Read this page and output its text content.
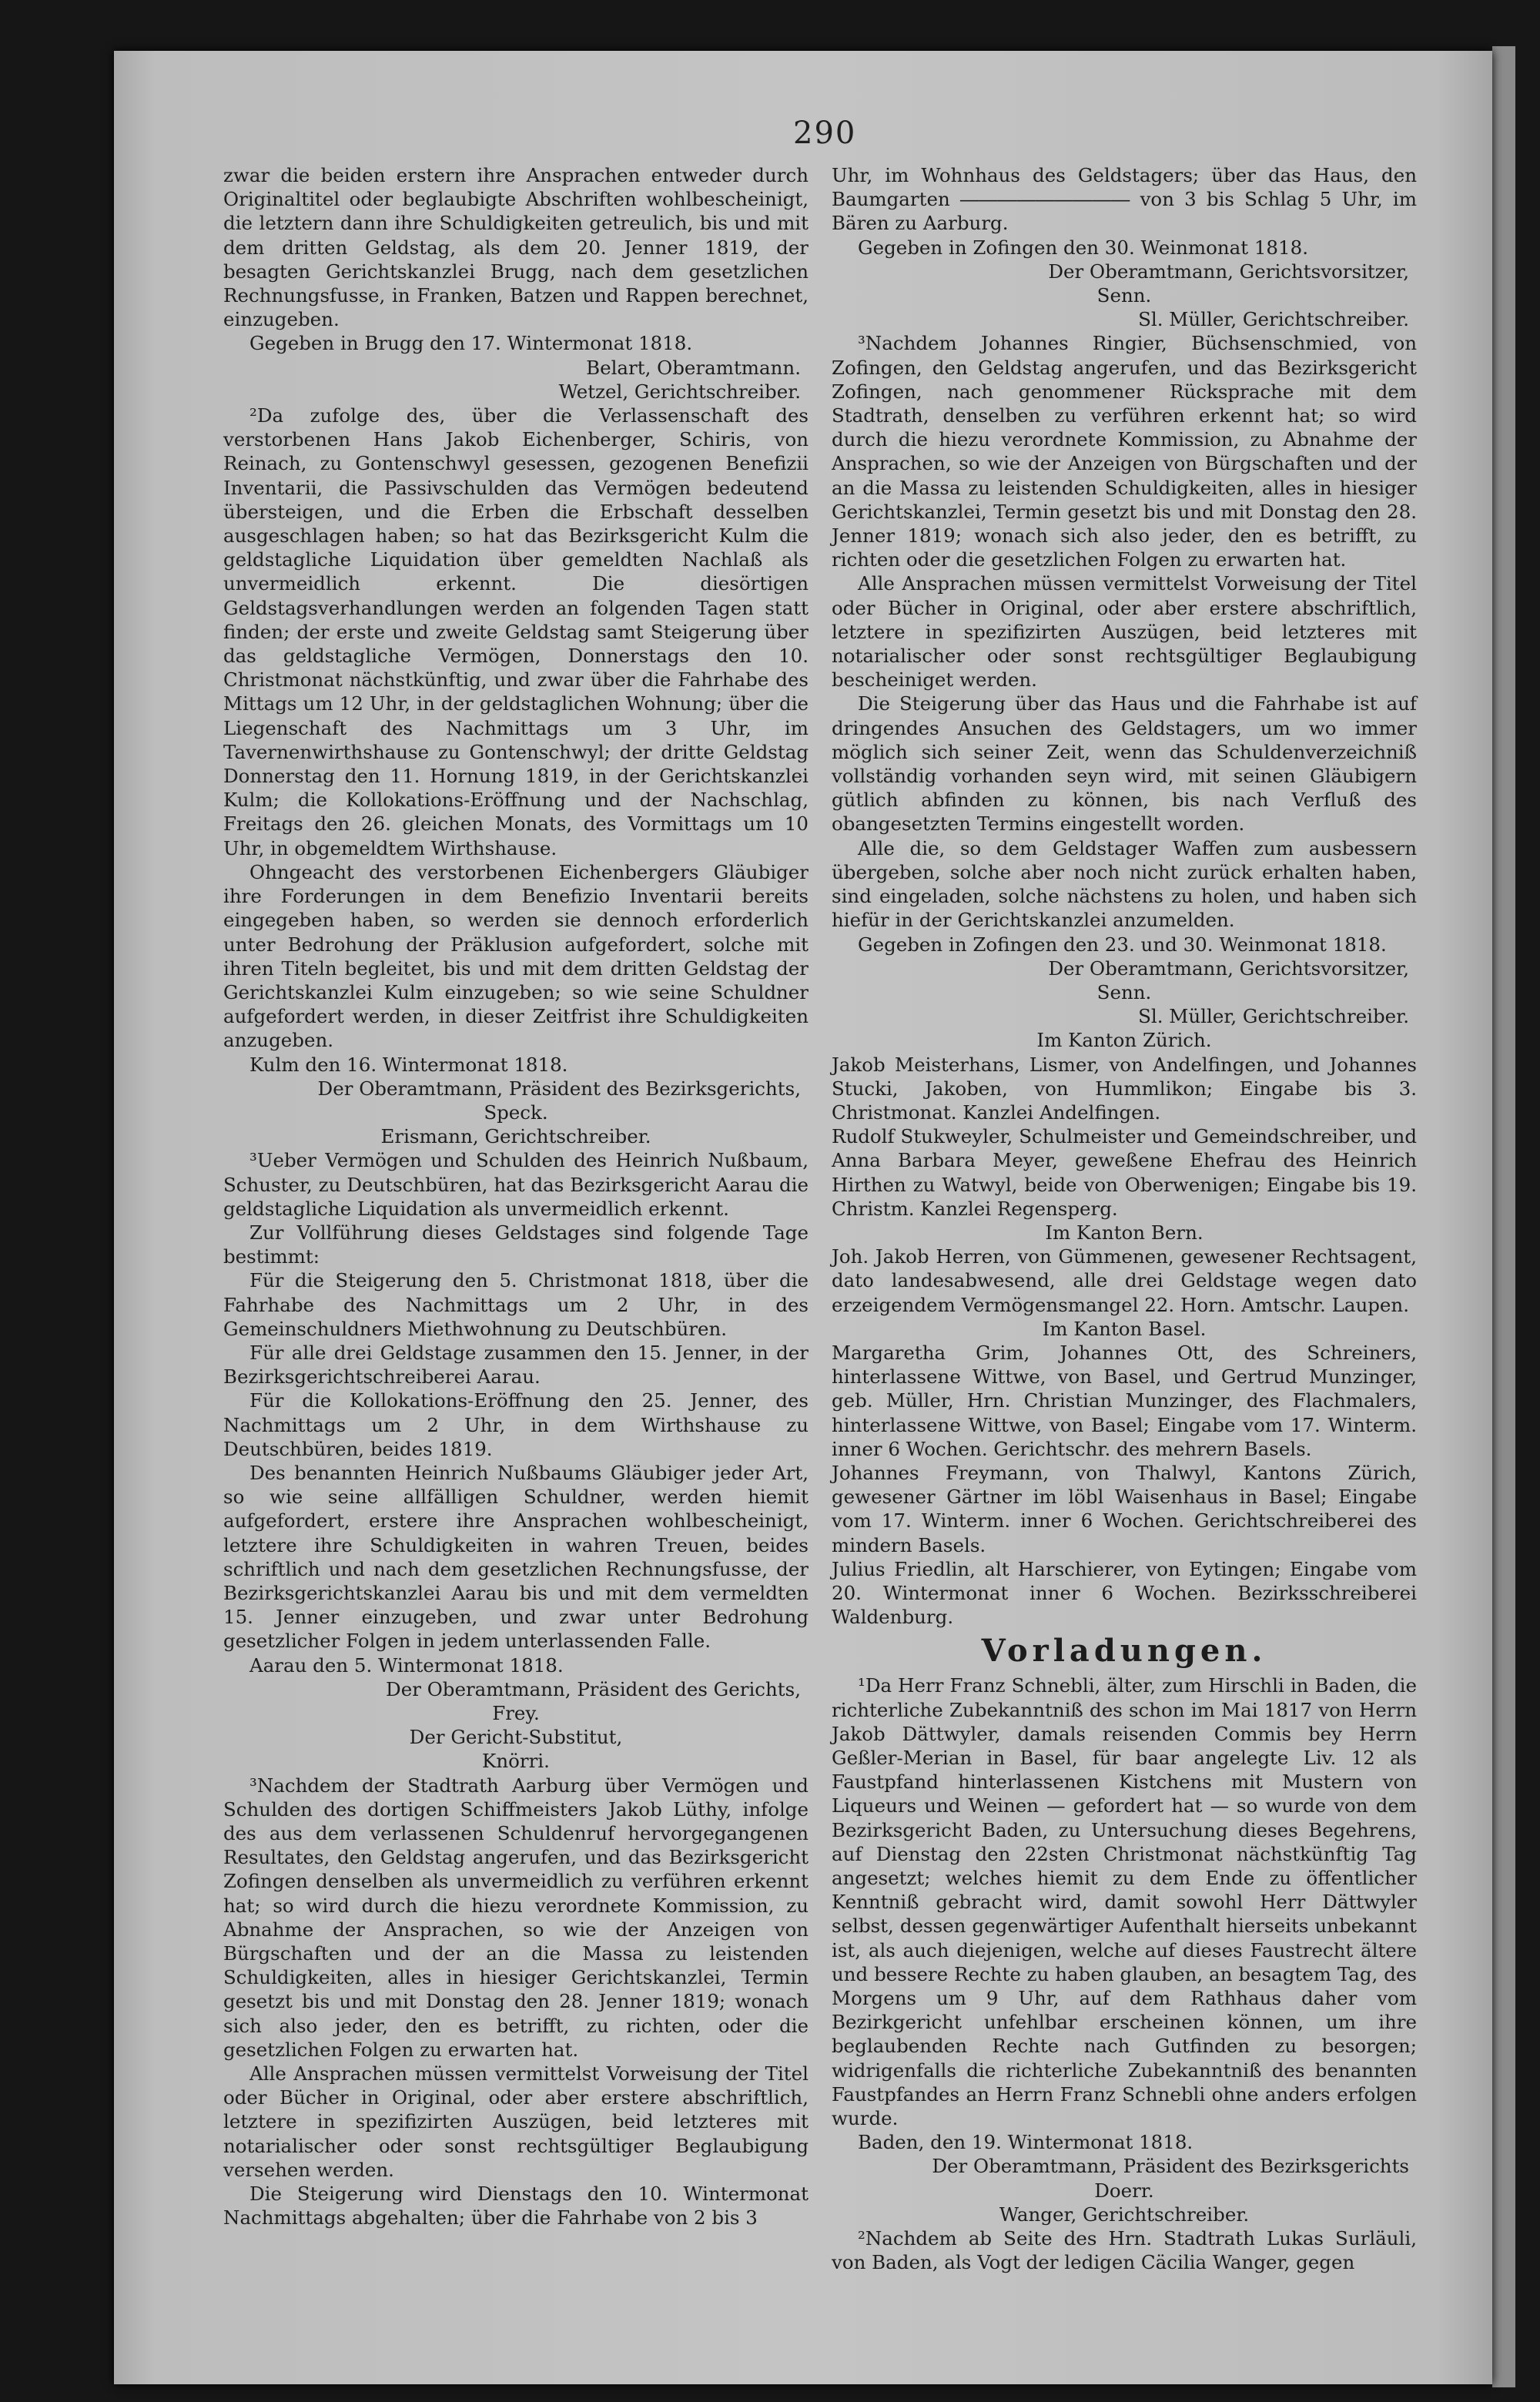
290

zwar die beiden erstern ihre Ansprachen entweder durch Originaltitel oder beglaubigte Abschriften wohlbescheinigt, die letztern dann ihre Schuldigkeiten getreulich, bis und mit dem dritten Geldstag, als dem 20. Jenner 1819, der besagten Gerichtskanzlei Brugg, nach dem gesetzlichen Rechnungsfusse, in Franken, Batzen und Rappen berechnet, einzugeben.

Gegeben in Brugg den 17. Wintermonat 1818.

Belart, Oberamtmann.

Wetzel, Gerichtschreiber.

²Da zufolge des, über die Verlassenschaft des verstorbenen Hans Jakob Eichenberger, Schiris, von Reinach, zu Gontenschwyl gesessen, gezogenen Benefizii Inventarii, die Passivschulden das Vermögen bedeutend übersteigen, und die Erben die Erbschaft desselben ausgeschlagen haben; so hat das Bezirksgericht Kulm die geldstagliche Liquidation über gemeldten Nachlaß als unvermeidlich erkennt. Die diesörtigen Geldstagsverhandlungen werden an folgenden Tagen statt finden; der erste und zweite Geldstag samt Steigerung über das geldstagliche Vermögen, Donnerstags den 10. Christmonat nächstkünftig, und zwar über die Fahrhabe des Mittags um 12 Uhr, in der geldstaglichen Wohnung; über die Liegenschaft des Nachmittags um 3 Uhr, im Tavernenwirthshause zu Gontenschwyl; der dritte Geldstag Donnerstag den 11. Hornung 1819, in der Gerichtskanzlei Kulm; die Kollokations-Eröffnung und der Nachschlag, Freitags den 26. gleichen Monats, des Vormittags um 10 Uhr, in obgemeldtem Wirthshause.

Ohngeacht des verstorbenen Eichenbergers Gläubiger ihre Forderungen in dem Benefizio Inventarii bereits eingegeben haben, so werden sie dennoch erforderlich unter Bedrohung der Präklusion aufgefordert, solche mit ihren Titeln begleitet, bis und mit dem dritten Geldstag der Gerichtskanzlei Kulm einzugeben; so wie seine Schuldner aufgefordert werden, in dieser Zeitfrist ihre Schuldigkeiten anzugeben.

Kulm den 16. Wintermonat 1818.

Der Oberamtmann, Präsident des Bezirksgerichts,

Speck.

Erismann, Gerichtschreiber.

³Ueber Vermögen und Schulden des Heinrich Nußbaum, Schuster, zu Deutschbüren, hat das Bezirksgericht Aarau die geldstagliche Liquidation als unvermeidlich erkennt.

Zur Vollführung dieses Geldstages sind folgende Tage bestimmt:

Für die Steigerung den 5. Christmonat 1818, über die Fahrhabe des Nachmittags um 2 Uhr, in des Gemeinschuldners Miethwohnung zu Deutschbüren.

Für alle drei Geldstage zusammen den 15. Jenner, in der Bezirksgerichtschreiberei Aarau.

Für die Kollokations-Eröffnung den 25. Jenner, des Nachmittags um 2 Uhr, in dem Wirthshause zu Deutschbüren, beides 1819.

Des benannten Heinrich Nußbaums Gläubiger jeder Art, so wie seine allfälligen Schuldner, werden hiemit aufgefordert, erstere ihre Ansprachen wohlbescheinigt, letztere ihre Schuldigkeiten in wahren Treuen, beides schriftlich und nach dem gesetzlichen Rechnungsfusse, der Bezirksgerichtskanzlei Aarau bis und mit dem vermeldten 15. Jenner einzugeben, und zwar unter Bedrohung gesetzlicher Folgen in jedem unterlassenden Falle.

Aarau den 5. Wintermonat 1818.

Der Oberamtmann, Präsident des Gerichts,

Frey.

Der Gericht-Substitut,

Knörri.

³Nachdem der Stadtrath Aarburg über Vermögen und Schulden des dortigen Schiffmeisters Jakob Lüthy, infolge des aus dem verlassenen Schuldenruf hervorgegangenen Resultates, den Geldstag angerufen, und das Bezirksgericht Zofingen denselben als unvermeidlich zu verführen erkennt hat; so wird durch die hiezu verordnete Kommission, zu Abnahme der Ansprachen, so wie der Anzeigen von Bürgschaften und der an die Massa zu leistenden Schuldigkeiten, alles in hiesiger Gerichtskanzlei, Termin gesetzt bis und mit Donstag den 28. Jenner 1819; wonach sich also jeder, den es betrifft, zu richten, oder die gesetzlichen Folgen zu erwarten hat.

Alle Ansprachen müssen vermittelst Vorweisung der Titel oder Bücher in Original, oder aber erstere abschriftlich, letztere in spezifizirten Auszügen, beid letzteres mit notarialischer oder sonst rechtsgültiger Beglaubigung versehen werden.

Die Steigerung wird Dienstags den 10. Wintermonat Nachmittags abgehalten; über die Fahrhabe von 2 bis 3

Uhr, im Wohnhaus des Geldstagers; über das Haus, den Baumgarten ――――――――― von 3 bis Schlag 5 Uhr, im Bären zu Aarburg.

Gegeben in Zofingen den 30. Weinmonat 1818.

Der Oberamtmann, Gerichtsvorsitzer,

Senn.

Sl. Müller, Gerichtschreiber.

³Nachdem Johannes Ringier, Büchsenschmied, von Zofingen, den Geldstag angerufen, und das Bezirksgericht Zofingen, nach genommener Rücksprache mit dem Stadtrath, denselben zu verführen erkennt hat; so wird durch die hiezu verordnete Kommission, zu Abnahme der Ansprachen, so wie der Anzeigen von Bürgschaften und der an die Massa zu leistenden Schuldigkeiten, alles in hiesiger Gerichtskanzlei, Termin gesetzt bis und mit Donstag den 28. Jenner 1819; wonach sich also jeder, den es betrifft, zu richten oder die gesetzlichen Folgen zu erwarten hat.

Alle Ansprachen müssen vermittelst Vorweisung der Titel oder Bücher in Original, oder aber erstere abschriftlich, letztere in spezifizirten Auszügen, beid letzteres mit notarialischer oder sonst rechtsgültiger Beglaubigung bescheiniget werden.

Die Steigerung über das Haus und die Fahrhabe ist auf dringendes Ansuchen des Geldstagers, um wo immer möglich sich seiner Zeit, wenn das Schuldenverzeichniß vollständig vorhanden seyn wird, mit seinen Gläubigern gütlich abfinden zu können, bis nach Verfluß des obangesetzten Termins eingestellt worden.

Alle die, so dem Geldstager Waffen zum ausbessern übergeben, solche aber noch nicht zurück erhalten haben, sind eingeladen, solche nächstens zu holen, und haben sich hiefür in der Gerichtskanzlei anzumelden.

Gegeben in Zofingen den 23. und 30. Weinmonat 1818.

Der Oberamtmann, Gerichtsvorsitzer,

Senn.

Sl. Müller, Gerichtschreiber.

Im Kanton Zürich.

Jakob Meisterhans, Lismer, von Andelfingen, und Johannes Stucki, Jakoben, von Hummlikon; Eingabe bis 3. Christmonat. Kanzlei Andelfingen.

Rudolf Stukweyler, Schulmeister und Gemeindschreiber, und Anna Barbara Meyer, geweßene Ehefrau des Heinrich Hirthen zu Watwyl, beide von Oberwenigen; Eingabe bis 19. Christm. Kanzlei Regensperg.

Im Kanton Bern.

Joh. Jakob Herren, von Gümmenen, gewesener Rechtsagent, dato landesabwesend, alle drei Geldstage wegen dato erzeigendem Vermögensmangel 22. Horn. Amtschr. Laupen.

Im Kanton Basel.

Margaretha Grim, Johannes Ott, des Schreiners, hinterlassene Wittwe, von Basel, und Gertrud Munzinger, geb. Müller, Hrn. Christian Munzinger, des Flachmalers, hinterlassene Wittwe, von Basel; Eingabe vom 17. Winterm. inner 6 Wochen. Gerichtschr. des mehrern Basels.

Johannes Freymann, von Thalwyl, Kantons Zürich, gewesener Gärtner im löbl Waisenhaus in Basel; Eingabe vom 17. Winterm. inner 6 Wochen. Gerichtschreiberei des mindern Basels.

Julius Friedlin, alt Harschierer, von Eytingen; Eingabe vom 20. Wintermonat inner 6 Wochen. Bezirksschreiberei Waldenburg.

Vorladungen.

¹Da Herr Franz Schnebli, älter, zum Hirschli in Baden, die richterliche Zubekanntniß des schon im Mai 1817 von Herrn Jakob Dättwyler, damals reisenden Commis bey Herrn Geßler-Merian in Basel, für baar angelegte Liv. 12 als Faustpfand hinterlassenen Kistchens mit Mustern von Liqueurs und Weinen — gefordert hat — so wurde von dem Bezirksgericht Baden, zu Untersuchung dieses Begehrens, auf Dienstag den 22sten Christmonat nächstkünftig Tag angesetzt; welches hiemit zu dem Ende zu öffentlicher Kenntniß gebracht wird, damit sowohl Herr Dättwyler selbst, dessen gegenwärtiger Aufenthalt hierseits unbekannt ist, als auch diejenigen, welche auf dieses Faustrecht ältere und bessere Rechte zu haben glauben, an besagtem Tag, des Morgens um 9 Uhr, auf dem Rathhaus daher vom Bezirkgericht unfehlbar erscheinen können, um ihre beglaubenden Rechte nach Gutfinden zu besorgen; widrigenfalls die richterliche Zubekanntniß des benannten Faustpfandes an Herrn Franz Schnebli ohne anders erfolgen wurde.

Baden, den 19. Wintermonat 1818.

Der Oberamtmann, Präsident des Bezirksgerichts

Doerr.

Wanger, Gerichtschreiber.

²Nachdem ab Seite des Hrn. Stadtrath Lukas Surläuli, von Baden, als Vogt der ledigen Cäcilia Wanger, gegen
